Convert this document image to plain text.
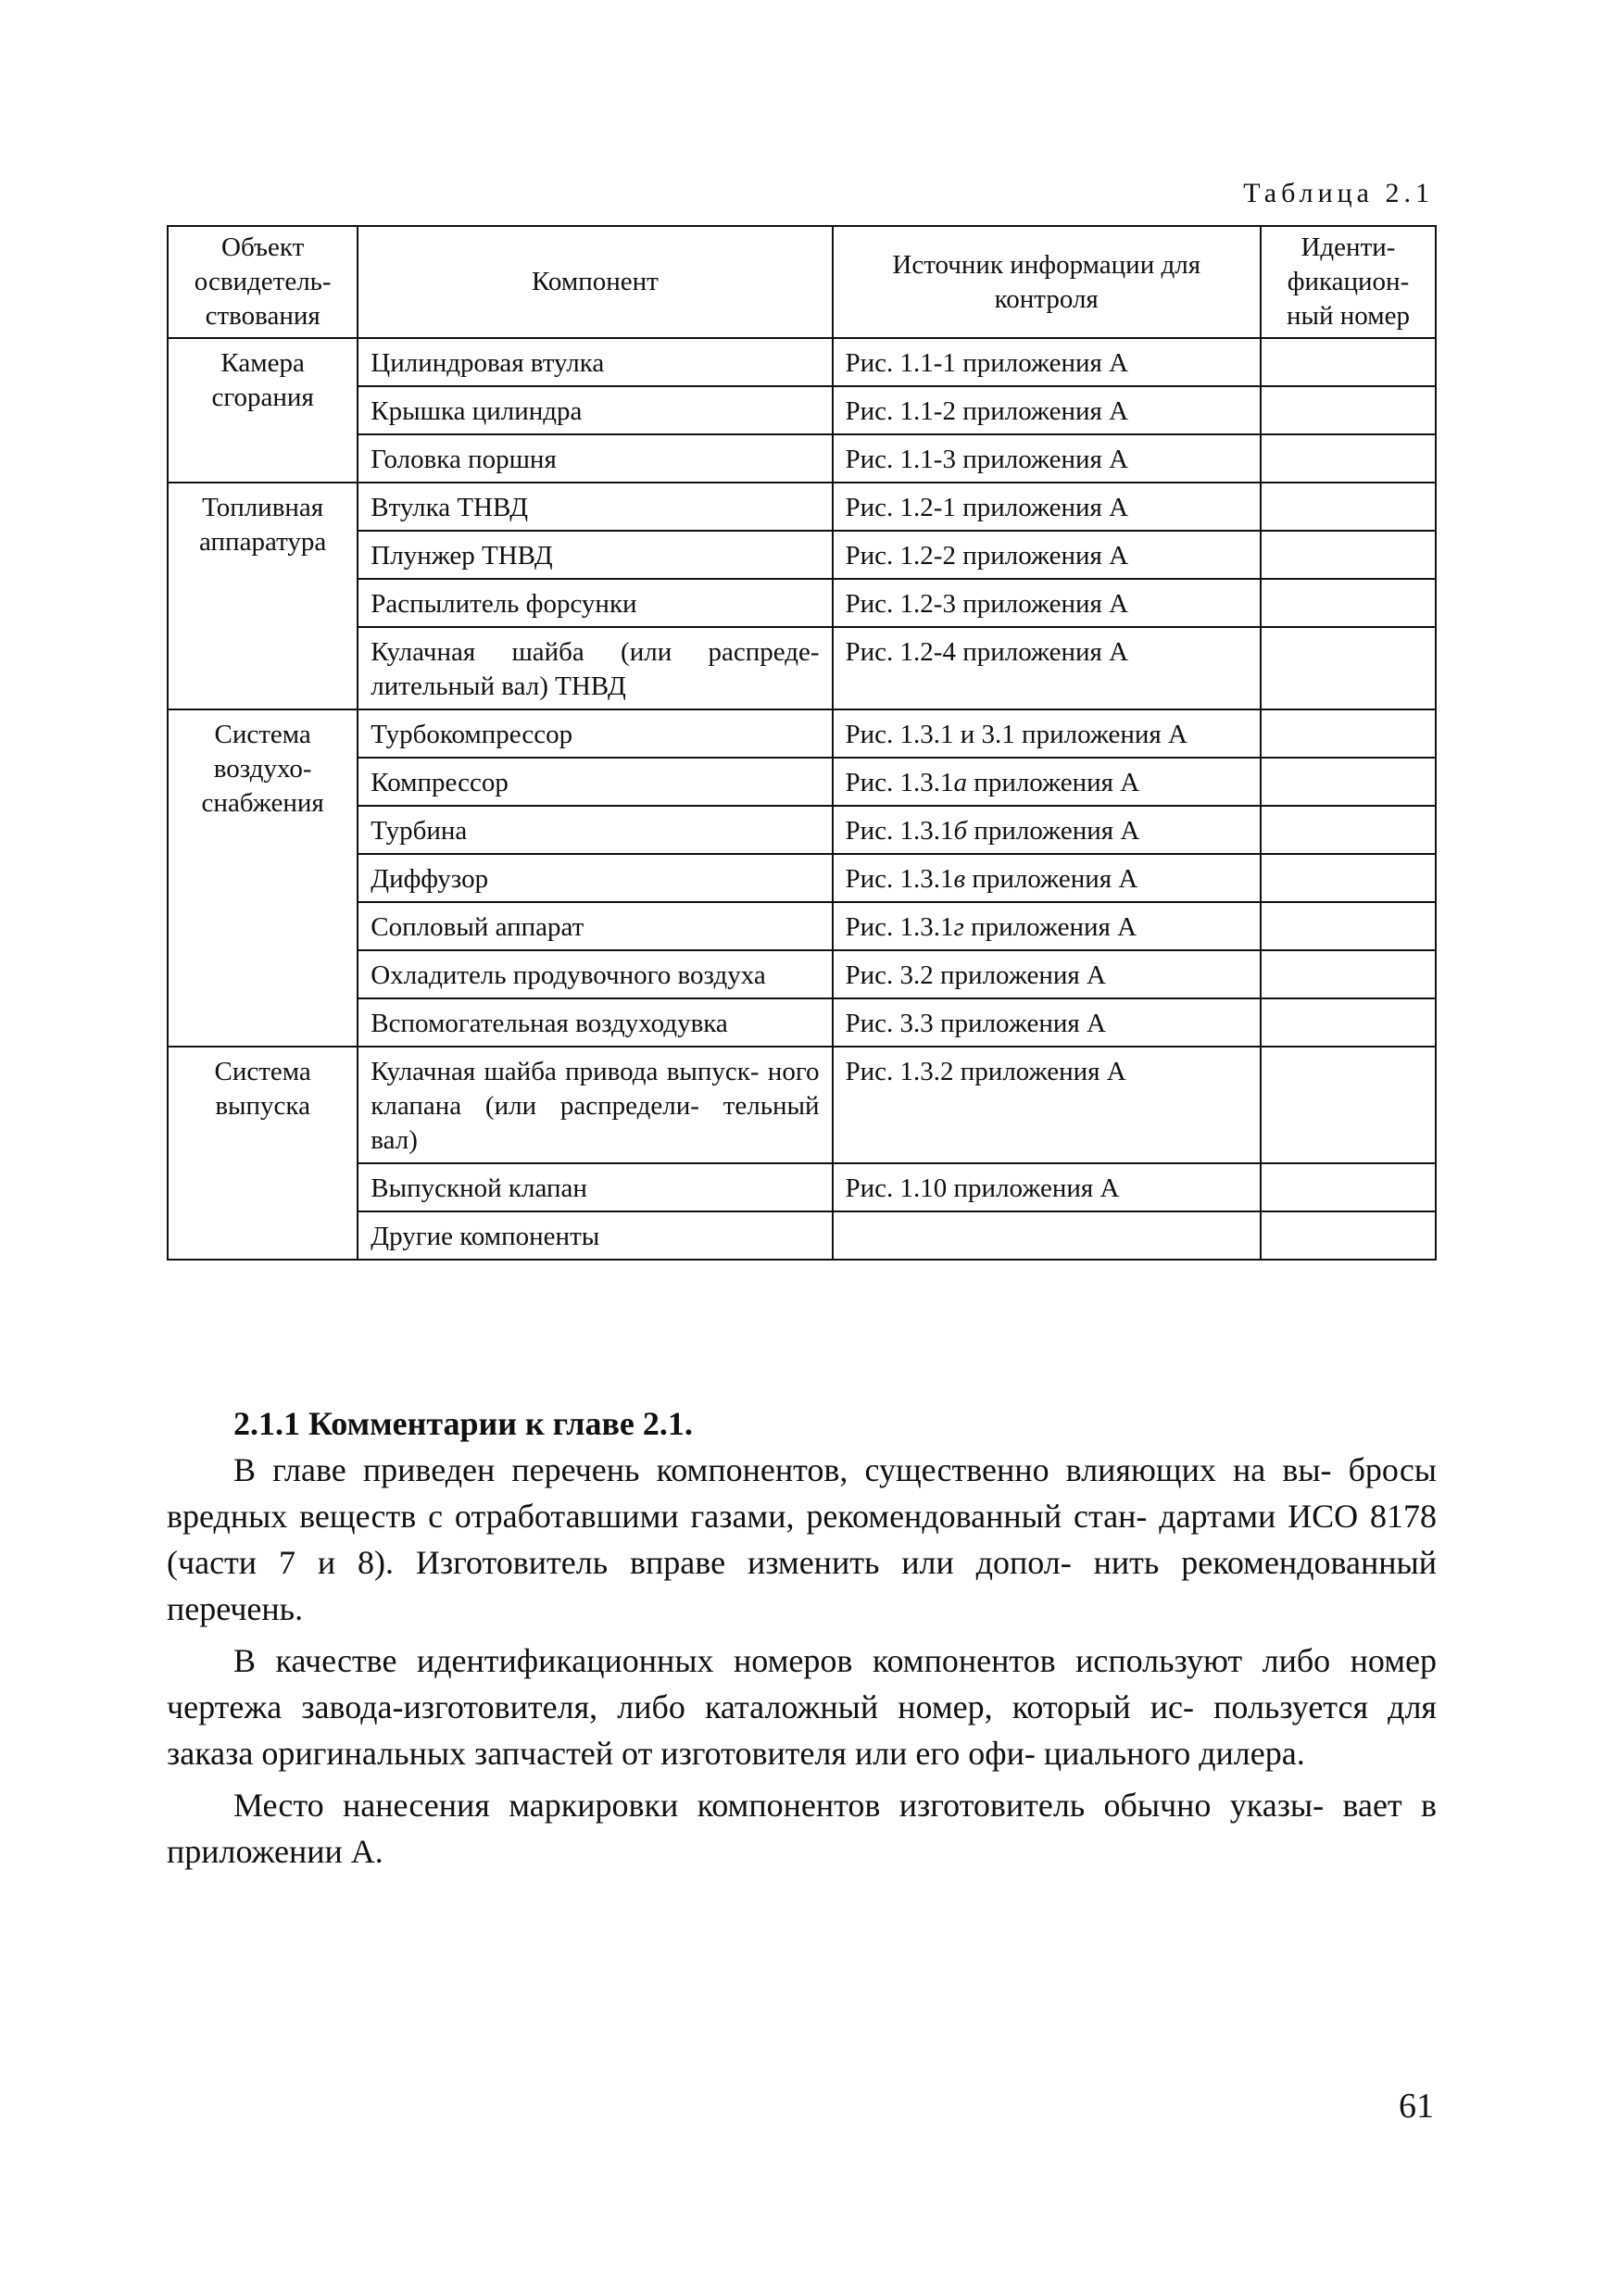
Таблица 2.1
Объект освидетель- ствования	Компонент	Источник информации для контроля	Иденти- фикацион- ный номер
Камера сгорания	Цилиндровая втулка	Рис. 1.1-1 приложения А	
	Крышка цилиндра	Рис. 1.1-2 приложения А	
	Головка поршня	Рис. 1.1-3 приложения А	
Топливная аппаратура	Втулка ТНВД	Рис. 1.2-1 приложения А	
	Плунжер ТНВД	Рис. 1.2-2 приложения А	
	Распылитель форсунки	Рис. 1.2-3 приложения А	
	Кулачная шайба (или распреде- лительный вал) ТНВД	Рис. 1.2-4 приложения А	
Система воздухо- снабжения	Турбокомпрессор	Рис. 1.3.1 и 3.1 приложения А	
	Компрессор	Рис. 1.3.1а приложения А	
	Турбина	Рис. 1.3.1б приложения А	
	Диффузор	Рис. 1.3.1в приложения А	
	Сопловый аппарат	Рис. 1.3.1г приложения А	
	Охладитель продувочного воздуха	Рис. 3.2 приложения А	
	Вспомогательная воздуходувка	Рис. 3.3 приложения А	
Система выпуска	Кулачная шайба привода выпуск- ного клапана (или распредели- тельный вал)	Рис. 1.3.2 приложения А	
	Выпускной клапан	Рис. 1.10 приложения А	
	Другие компоненты		

2.1.1 Комментарии к главе 2.1.

В главе приведен перечень компонентов, существенно влияющих на вы- бросы вредных веществ с отработавшими газами, рекомендованный стан- дартами ИСО 8178 (части 7 и 8). Изготовитель вправе изменить или допол- нить рекомендованный перечень.

В качестве идентификационных номеров компонентов используют либо номер чертежа завода-изготовителя, либо каталожный номер, который ис- пользуется для заказа оригинальных запчастей от изготовителя или его офи- циального дилера.

Место нанесения маркировки компонентов изготовитель обычно указы- вает в приложении А.

61
